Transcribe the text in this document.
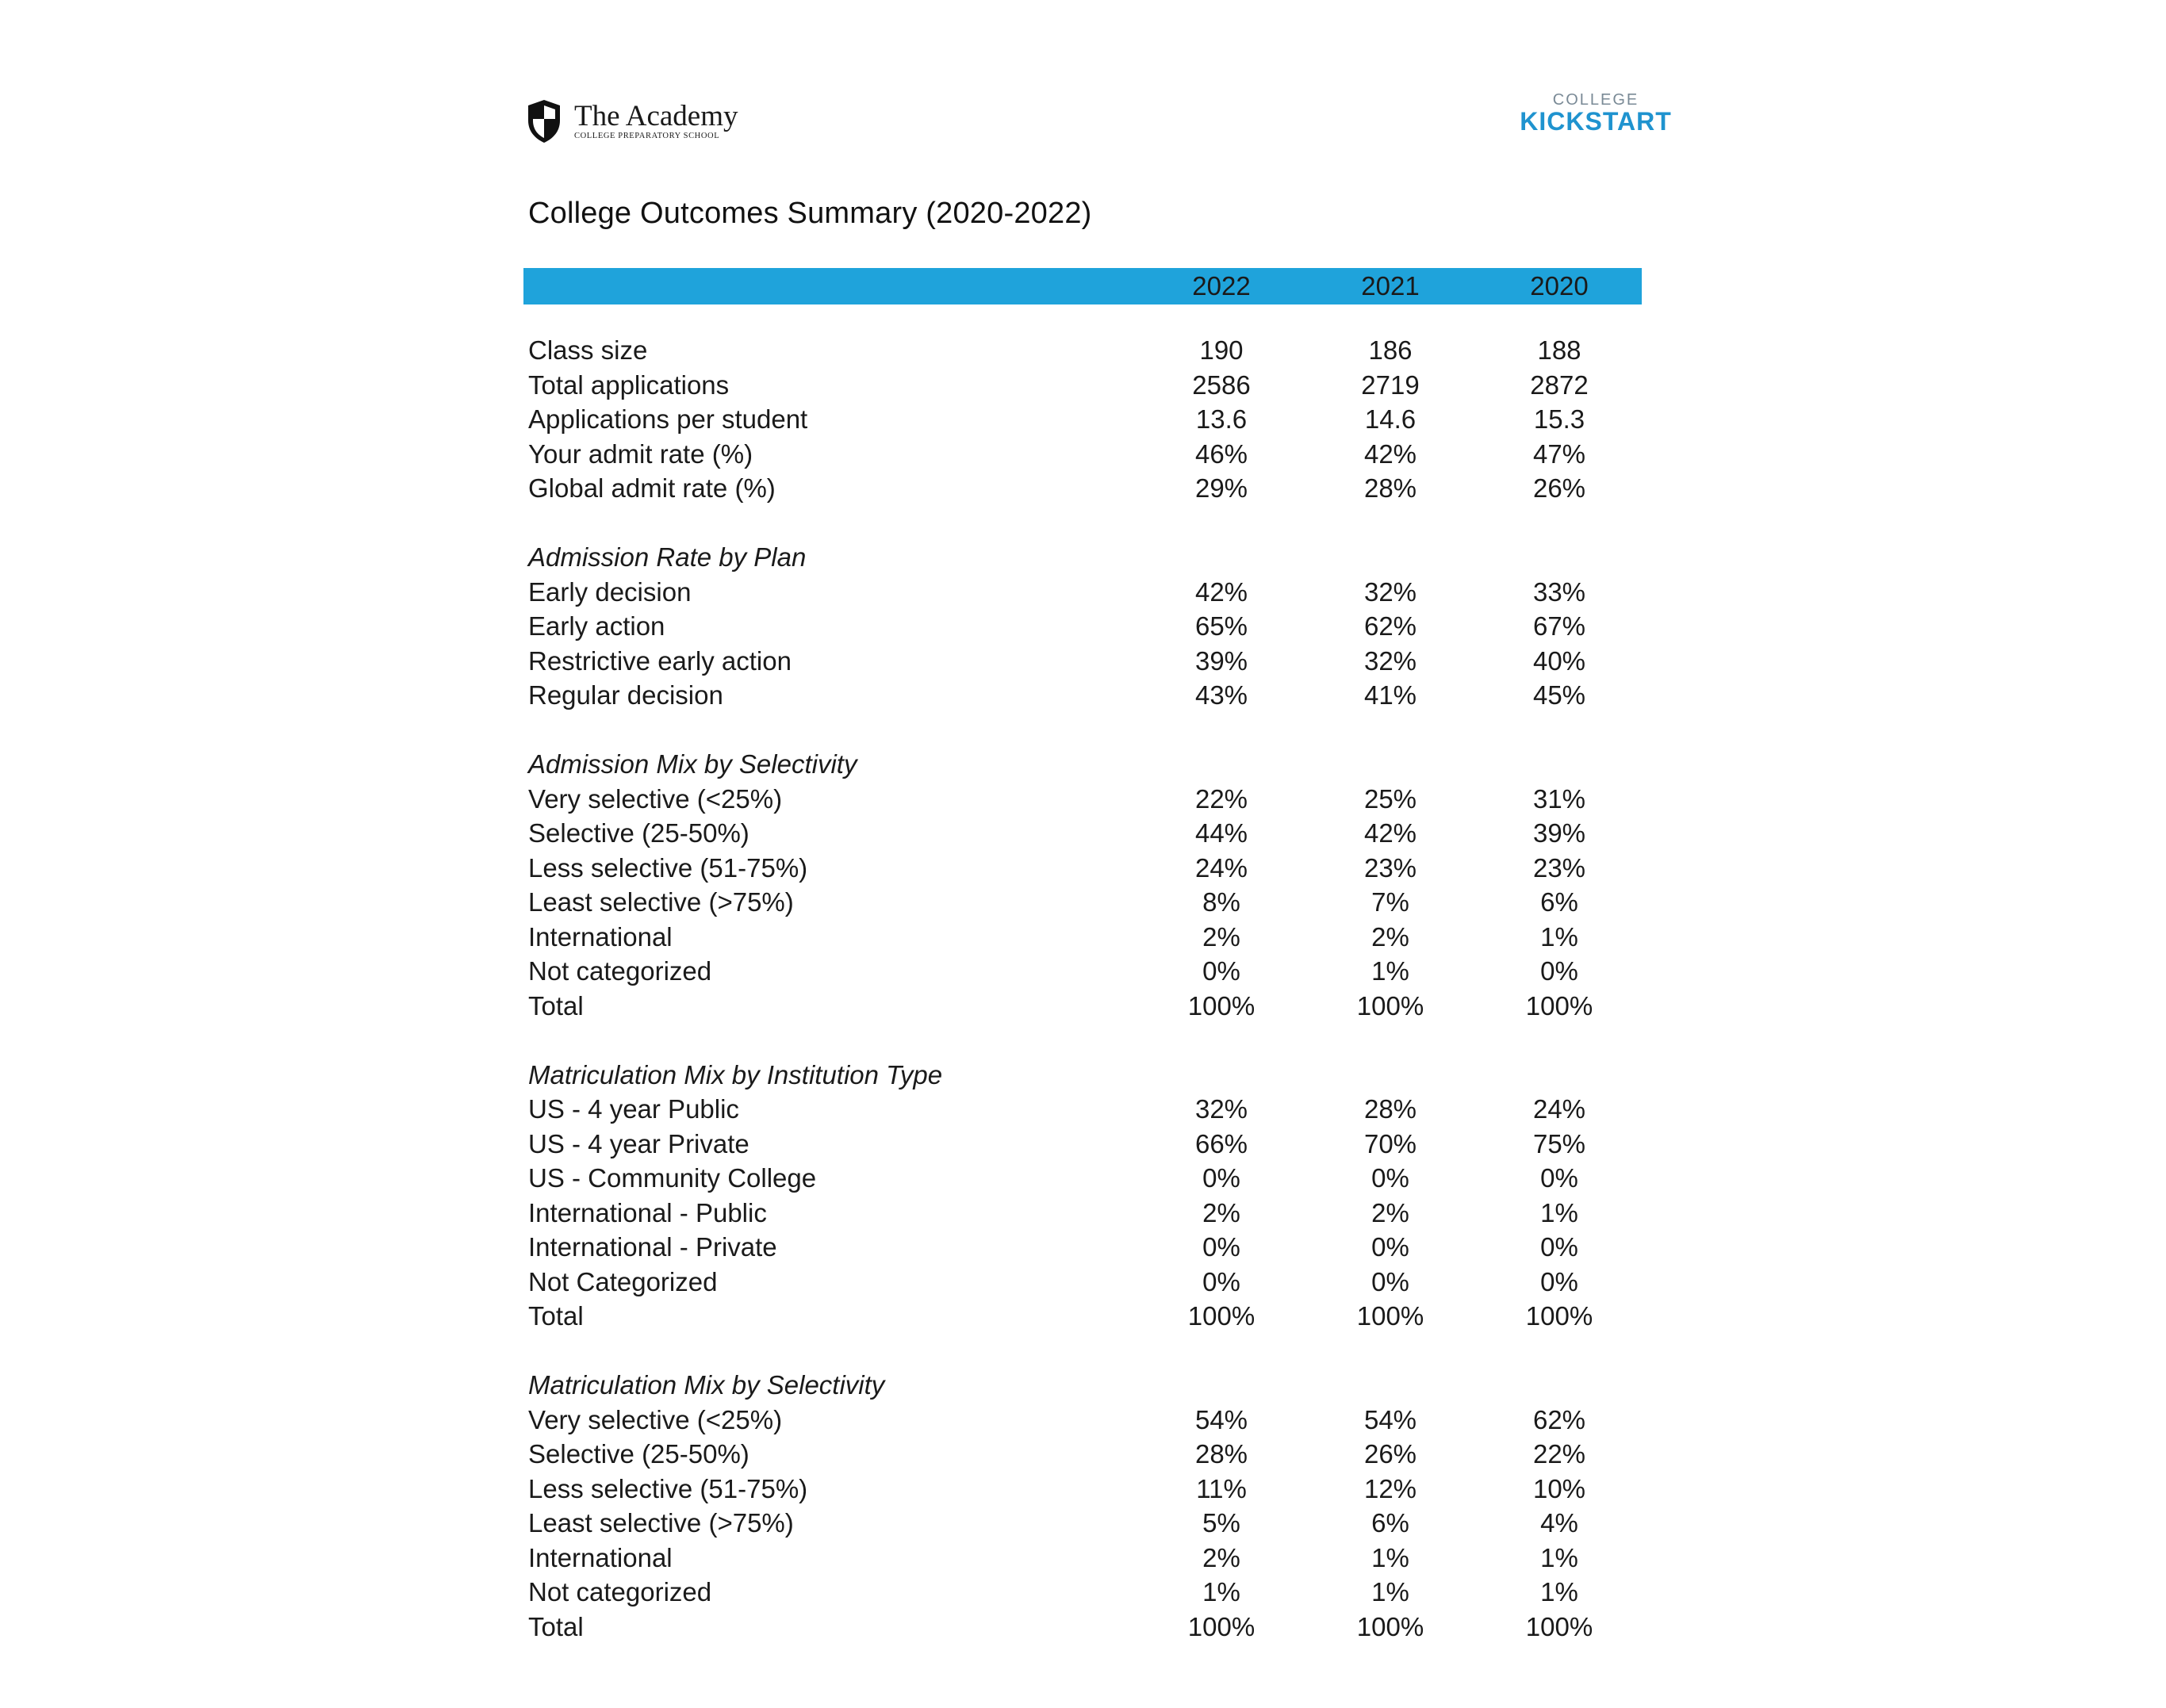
The Academy
COLLEGE PREPARATORY SCHOOL
COLLEGE
KICKSTART
College Outcomes Summary (2020-2022)
2022	2021	2020
Class size	190	186	188
Total applications	2586	2719	2872
Applications per student	13.6	14.6	15.3
Your admit rate (%)	46%	42%	47%
Global admit rate (%)	29%	28%	26%
Admission Rate by Plan
Early decision	42%	32%	33%
Early action	65%	62%	67%
Restrictive early action	39%	32%	40%
Regular decision	43%	41%	45%
Admission Mix by Selectivity
Very selective (<25%)	22%	25%	31%
Selective (25-50%)	44%	42%	39%
Less selective (51-75%)	24%	23%	23%
Least selective (>75%)	8%	7%	6%
International	2%	2%	1%
Not categorized	0%	1%	0%
Total	100%	100%	100%
Matriculation Mix by Institution Type
US - 4 year Public	32%	28%	24%
US - 4 year Private	66%	70%	75%
US - Community College	0%	0%	0%
International - Public	2%	2%	1%
International - Private	0%	0%	0%
Not Categorized	0%	0%	0%
Total	100%	100%	100%
Matriculation Mix by Selectivity
Very selective (<25%)	54%	54%	62%
Selective (25-50%)	28%	26%	22%
Less selective (51-75%)	11%	12%	10%
Least selective (>75%)	5%	6%	4%
International	2%	1%	1%
Not categorized	1%	1%	1%
Total	100%	100%	100%
